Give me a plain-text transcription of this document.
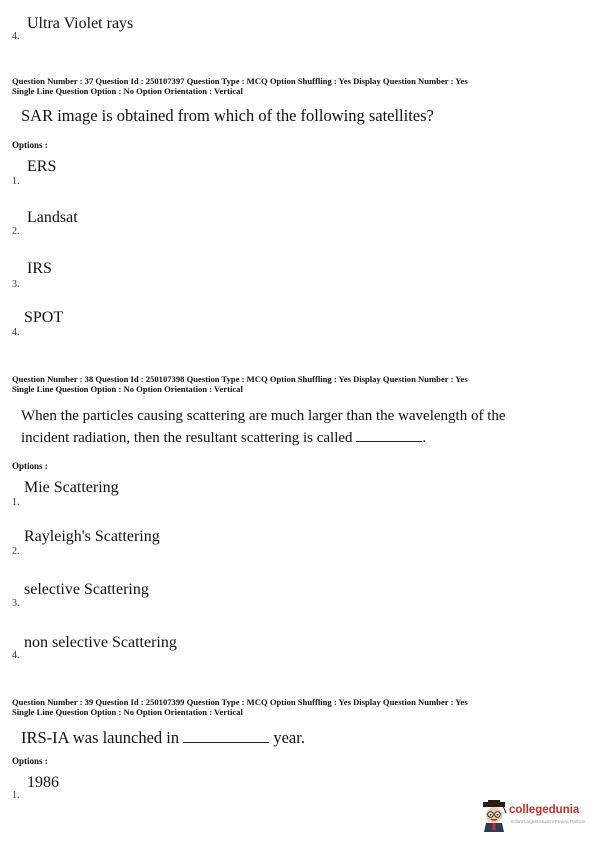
4.
Ultra Violet rays
Question Number : 37 Question Id : 250107397 Question Type : MCQ Option Shuffling : Yes Display Question Number : Yes
Single Line Question Option : No Option Orientation : Vertical
SAR image is obtained from which of the following satellites?
Options :
1.
ERS
2.
Landsat
3.
IRS
4.
SPOT
Question Number : 38 Question Id : 250107398 Question Type : MCQ Option Shuffling : Yes Display Question Number : Yes
Single Line Question Option : No Option Orientation : Vertical
When the particles causing scattering are much larger than the wavelength of the
incident radiation, then the resultant scattering is called	.
Options :
1.
Mie Scattering
2.
Rayleigh's Scattering
3.
selective Scattering
4.
non selective Scattering
Question Number : 39 Question Id : 250107399 Question Type : MCQ Option Shuffling : Yes Display Question Number : Yes
Single Line Question Option : No Option Orientation : Vertical
IRS-IA was launched in	year.
Options :
1.
1986
collegedunia
India's Largest Student Review Platform
